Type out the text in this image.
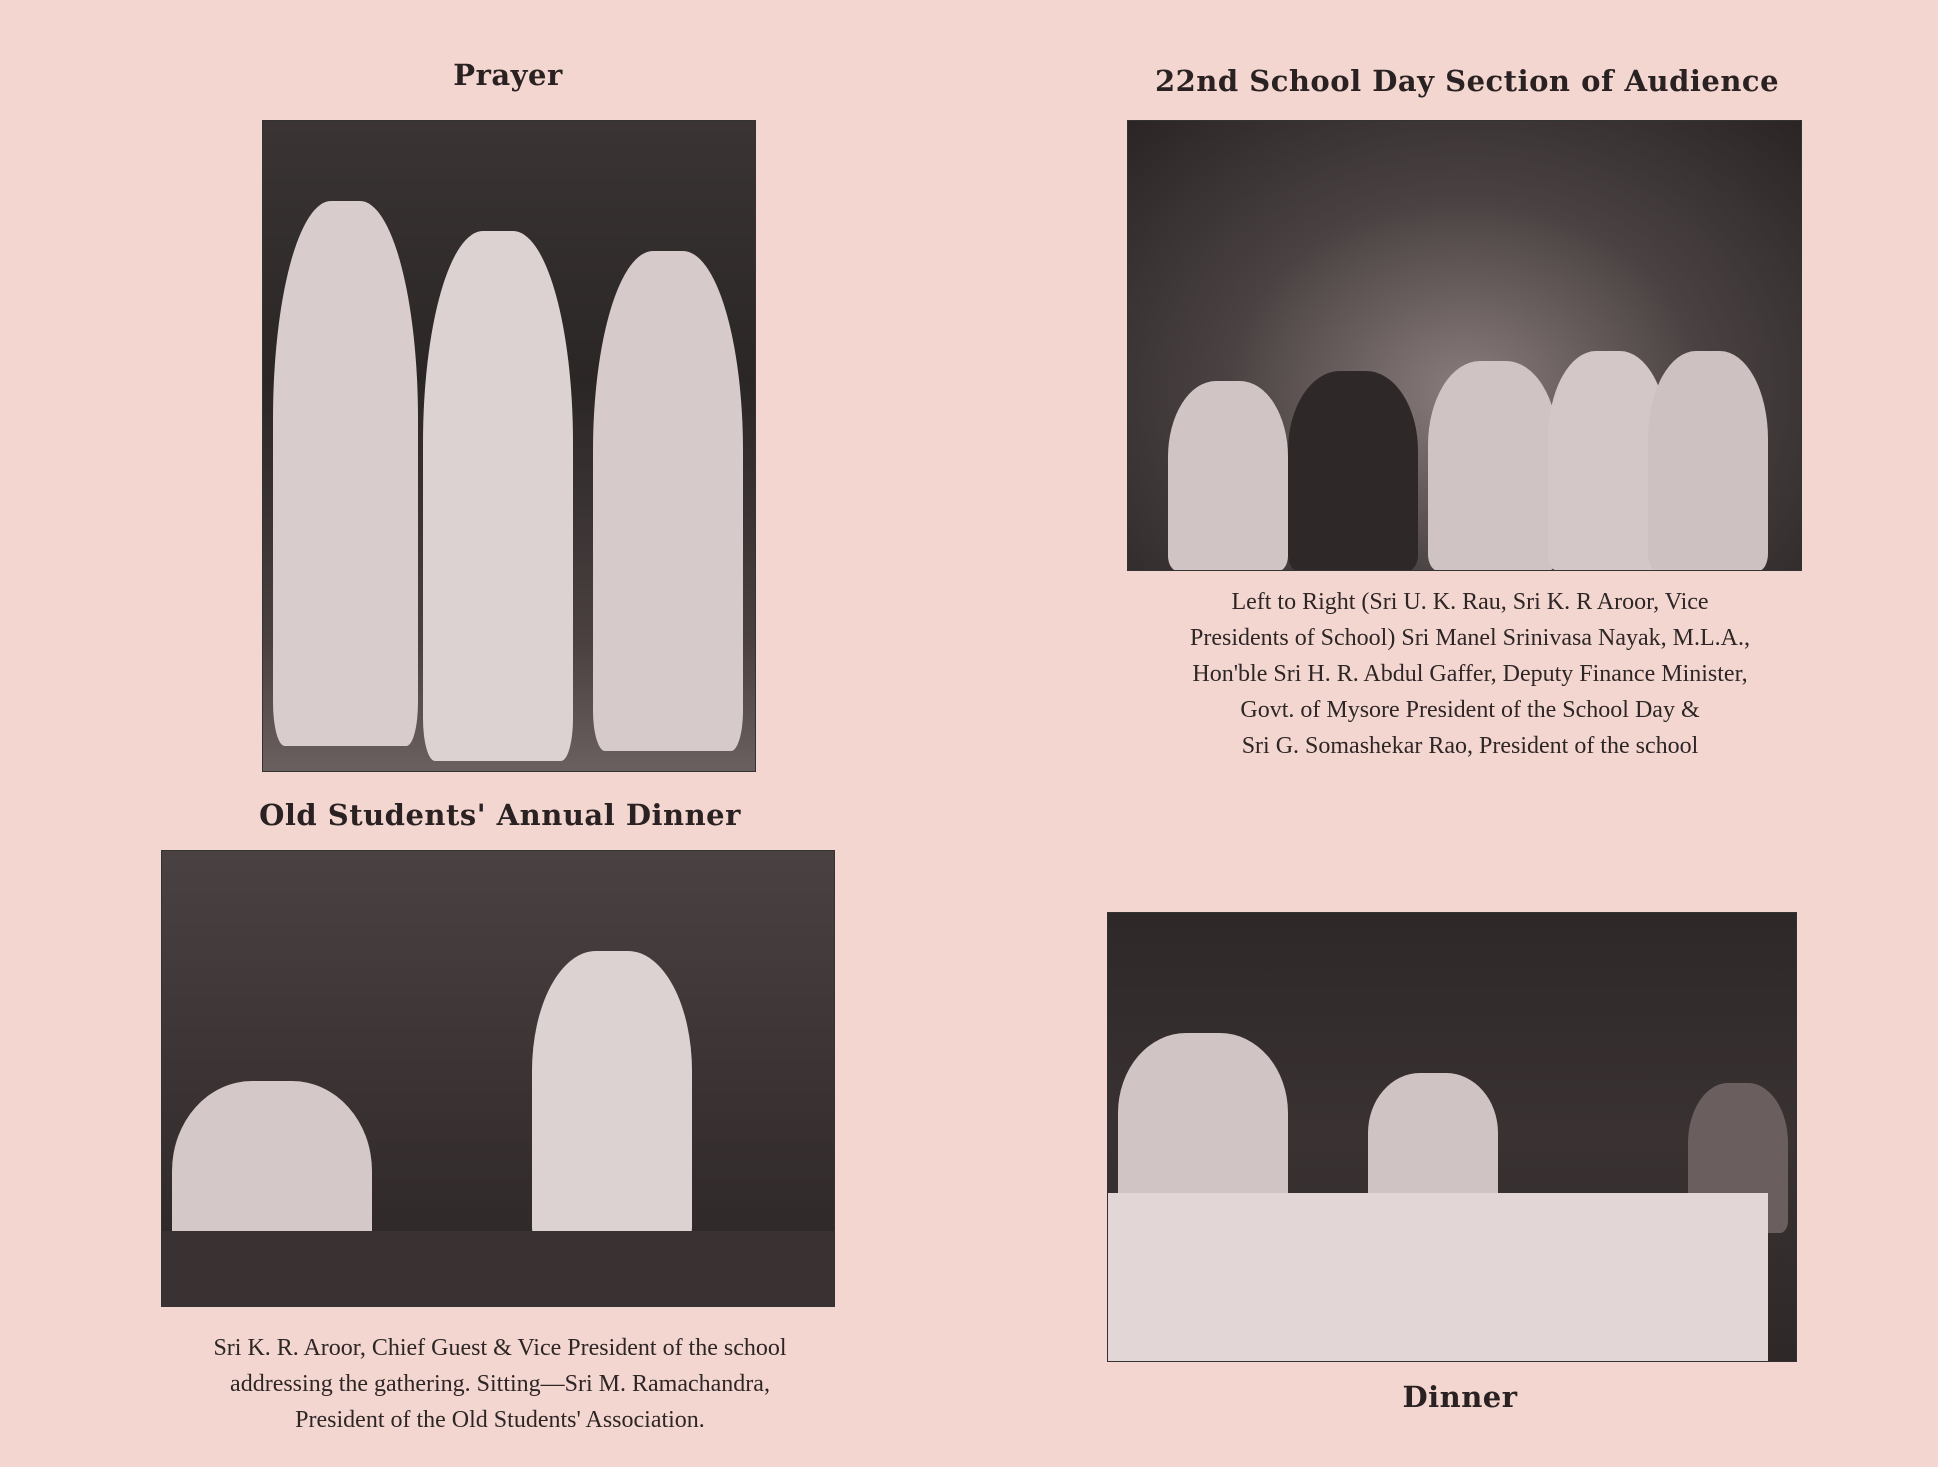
Prayer	22nd School Day Section of Audience
Left to Right (Sri U. K. Rau, Sri K. R Aroor, Vice
Presidents of School) Sri Manel Srinivasa Nayak, M.L.A.,
Hon'ble Sri H. R. Abdul Gaffer, Deputy Finance Minister,
Govt. of Mysore President of the School Day &
Sri G. Somashekar Rao, President of the school
Old Students' Annual Dinner
Sri K. R. Aroor, Chief Guest & Vice President of the school
addressing the gathering. Sitting—Sri M. Ramachandra,
President of the Old Students' Association.
Dinner
